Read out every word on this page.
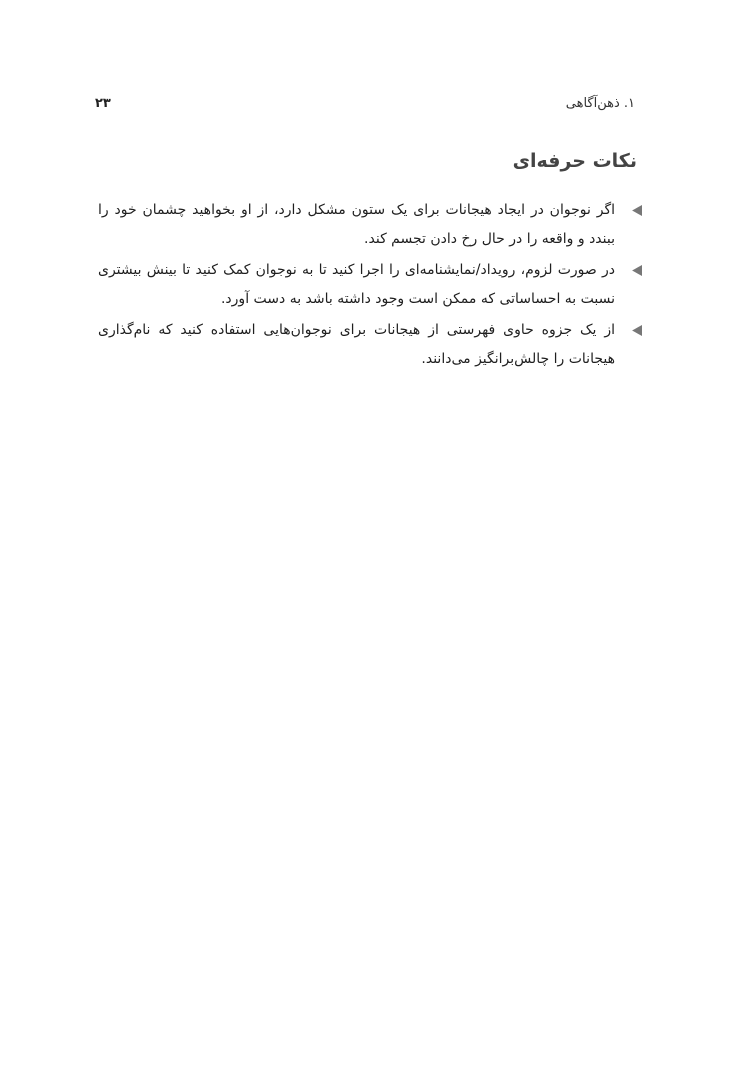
۱. ذهن‌آگاهی
۲۳
نکات حرفه‌ای
اگر نوجوان در ایجاد هیجانات برای یک ستون مشکل دارد، از او بخواهید چشمان خود را ببندد و واقعه را در حال رخ دادن تجسم کند.
در صورت لزوم، رویداد/نمایشنامه‌ای را اجرا کنید تا به نوجوان کمک کنید تا بینش بیشتری نسبت به احساساتی که ممکن است وجود داشته باشد به دست آورد.
از یک جزوه حاوی فهرستی از هیجانات برای نوجوان‌هایی استفاده کنید که نام‌گذاری هیجانات را چالش‌برانگیز می‌دانند.
